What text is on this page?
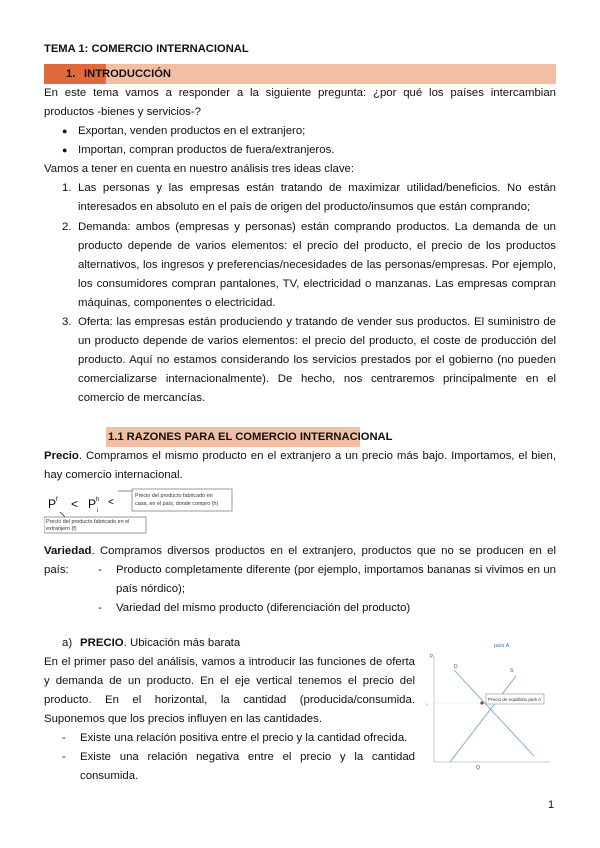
TEMA 1: COMERCIO INTERNACIONAL
1. INTRODUCCIÓN
En este tema vamos a responder a la siguiente pregunta: ¿por qué los países intercambian productos -bienes y servicios-?
● Exportan, venden productos en el extranjero;
● Importan, compran productos de fuera/extranjeros.
Vamos a tener en cuenta en nuestro análisis tres ideas clave:
1. Las personas y las empresas están tratando de maximizar utilidad/beneficios. No están interesados en absoluto en el país de origen del producto/insumos que están comprando;
2. Demanda: ambos (empresas y personas) están comprando productos. La demanda de un producto depende de varios elementos: el precio del producto, el precio de los productos alternativos, los ingresos y preferencias/necesidades de las personas/empresas. Por ejemplo, los consumidores compran pantalones, TV, electricidad o manzanas. Las empresas compran máquinas, componentes o electricidad.
3. Oferta: las empresas están produciendo y tratando de vender sus productos. El suministro de un producto depende de varios elementos: el precio del producto, el coste de producción del producto. Aquí no estamos considerando los servicios prestados por el gobierno (no pueden comercializarse internacionalmente). De hecho, nos centraremos principalmente en el comercio de mercancías.
1.1 RAZONES PARA EL COMERCIO INTERNACIONAL
Precio. Compramos el mismo producto en el extranjero a un precio más bajo. Importamos, el bien, hay comercio internacional.
P f < P h
i
<
Precio del producto fabricado en
casa, en el país, donde compro (h)
Precio del producto fabricado en el
extranjero (f)
Variedad. Compramos diversos productos en el extranjero, productos que no se producen en el país:	- Producto completamente diferente (por ejemplo, importamos bananas si vivimos en un país nórdico);
- Variedad del mismo producto (diferenciación del producto)
a) PRECIO. Ubicación más barata
En el primer paso del análisis, vamos a introducir las funciones de oferta y demanda de un producto. En el eje vertical tenemos el precio del producto. En el horizontal, la cantidad (producida/consumida. Suponemos que los precios influyen en las cantidades.
- Existe una relación positiva entre el precio y la cantidad ofrecida.
- Existe una relación negativa entre el precio y la cantidad consumida.
país A
P
D
S
Precio de equilibrio país A
›
Q
1
